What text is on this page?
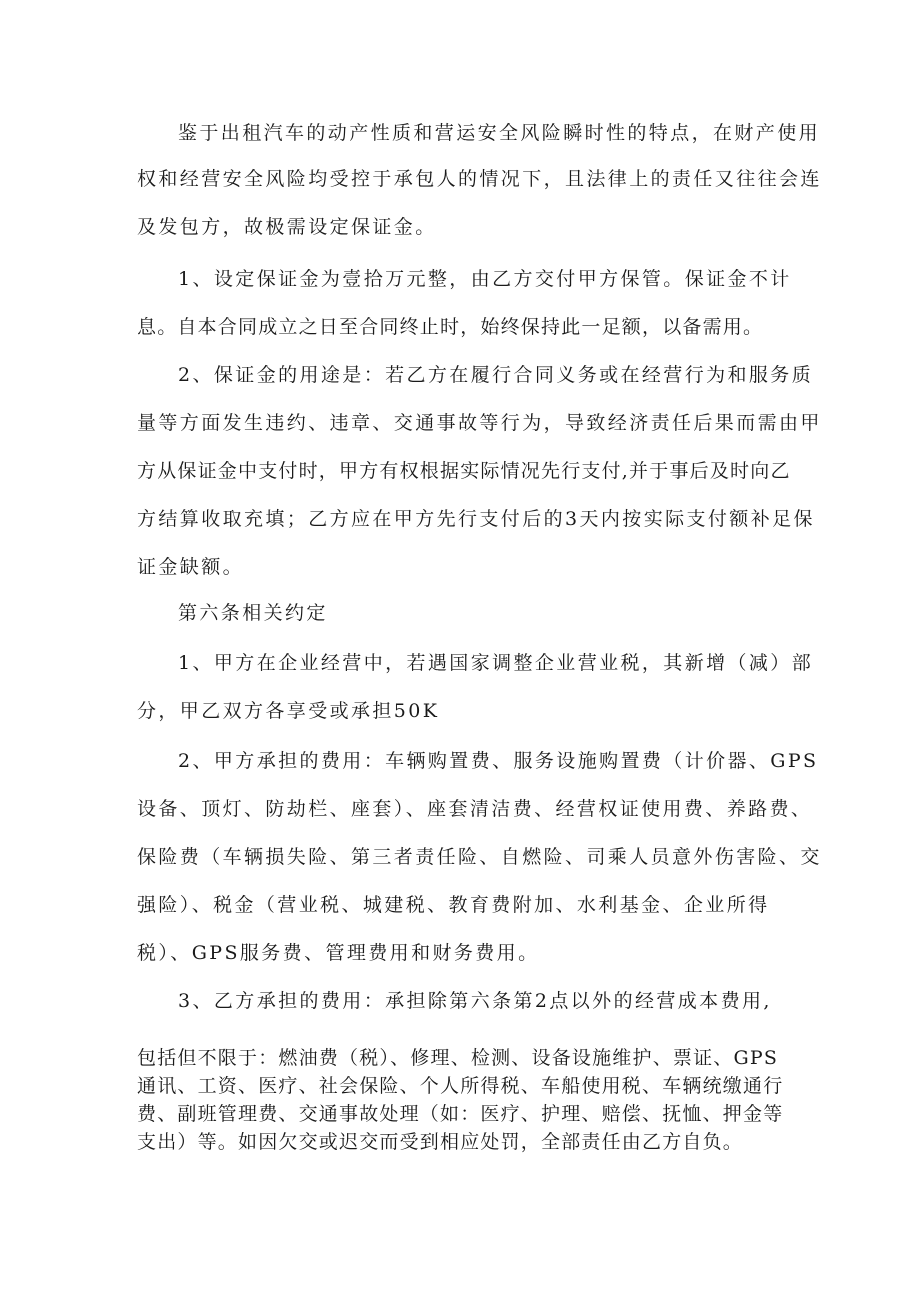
鉴于出租汽车的动产性质和营运安全风险瞬时性的特点，在财产使用
权和经营安全风险均受控于承包人的情况下，且法律上的责任又往往会连
及发包方，故极需设定保证金。
1、设定保证金为壹拾万元整，由乙方交付甲方保管。保证金不计
息。自本合同成立之日至合同终止时，始终保持此一足额，以备需用。
2、保证金的用途是：若乙方在履行合同义务或在经营行为和服务质
量等方面发生违约、违章、交通事故等行为，导致经济责任后果而需由甲
方从保证金中支付时，甲方有权根据实际情况先行支付,并于事后及时向乙
方结算收取充填；乙方应在甲方先行支付后的3天内按实际支付额补足保
证金缺额。
第六条相关约定
1、甲方在企业经营中，若遇国家调整企业营业税，其新增（减）部
分，甲乙双方各享受或承担50K
2、甲方承担的费用：车辆购置费、服务设施购置费（计价器、GPS
设备、顶灯、防劫栏、座套）、座套清洁费、经营权证使用费、养路费、
保险费（车辆损失险、第三者责任险、自燃险、司乘人员意外伤害险、交
强险）、税金（营业税、城建税、教育费附加、水利基金、企业所得
税）、GPS服务费、管理费用和财务费用。
3、乙方承担的费用：承担除第六条第2点以外的经营成本费用,
包括但不限于：燃油费（税）、修理、检测、设备设施维护、票证、GPS
通讯、工资、医疗、社会保险、个人所得税、车船使用税、车辆统缴通行
费、副班管理费、交通事故处理（如：医疗、护理、赔偿、抚恤、押金等
支出）等。如因欠交或迟交而受到相应处罚，全部责任由乙方自负。
